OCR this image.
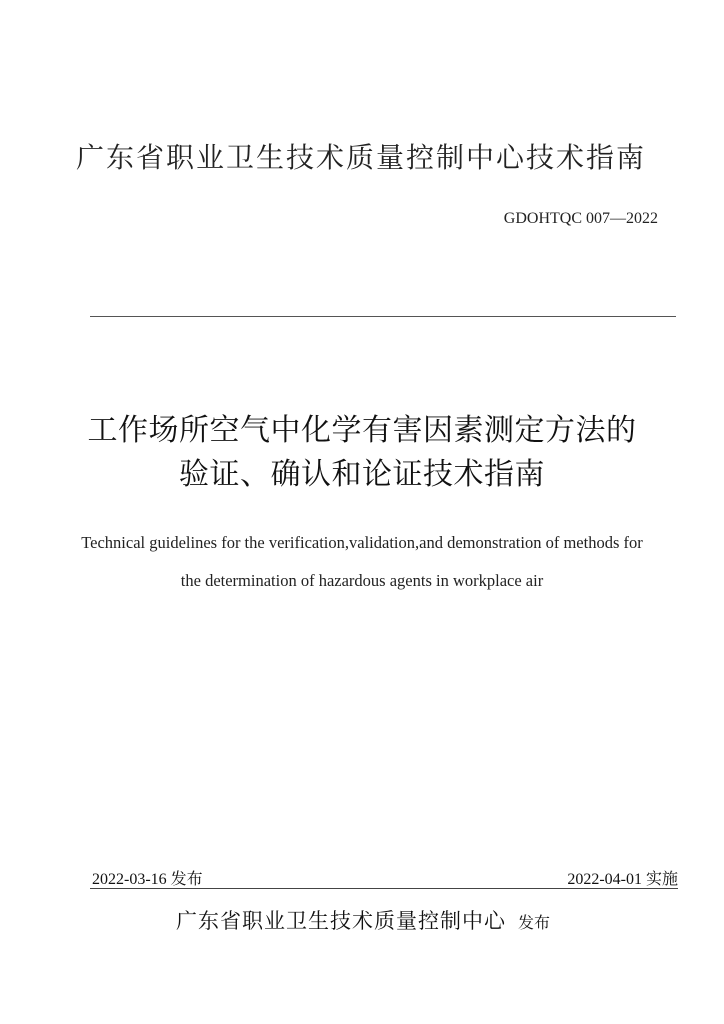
广东省职业卫生技术质量控制中心技术指南
GDOHTQC 007—2022
工作场所空气中化学有害因素测定方法的
验证、确认和论证技术指南
Technical guidelines for the verification,validation,and demonstration of methods for
the determination of hazardous agents in workplace air
2022-03-16 发布	2022-04-01 实施
广东省职业卫生技术质量控制中心 发布
